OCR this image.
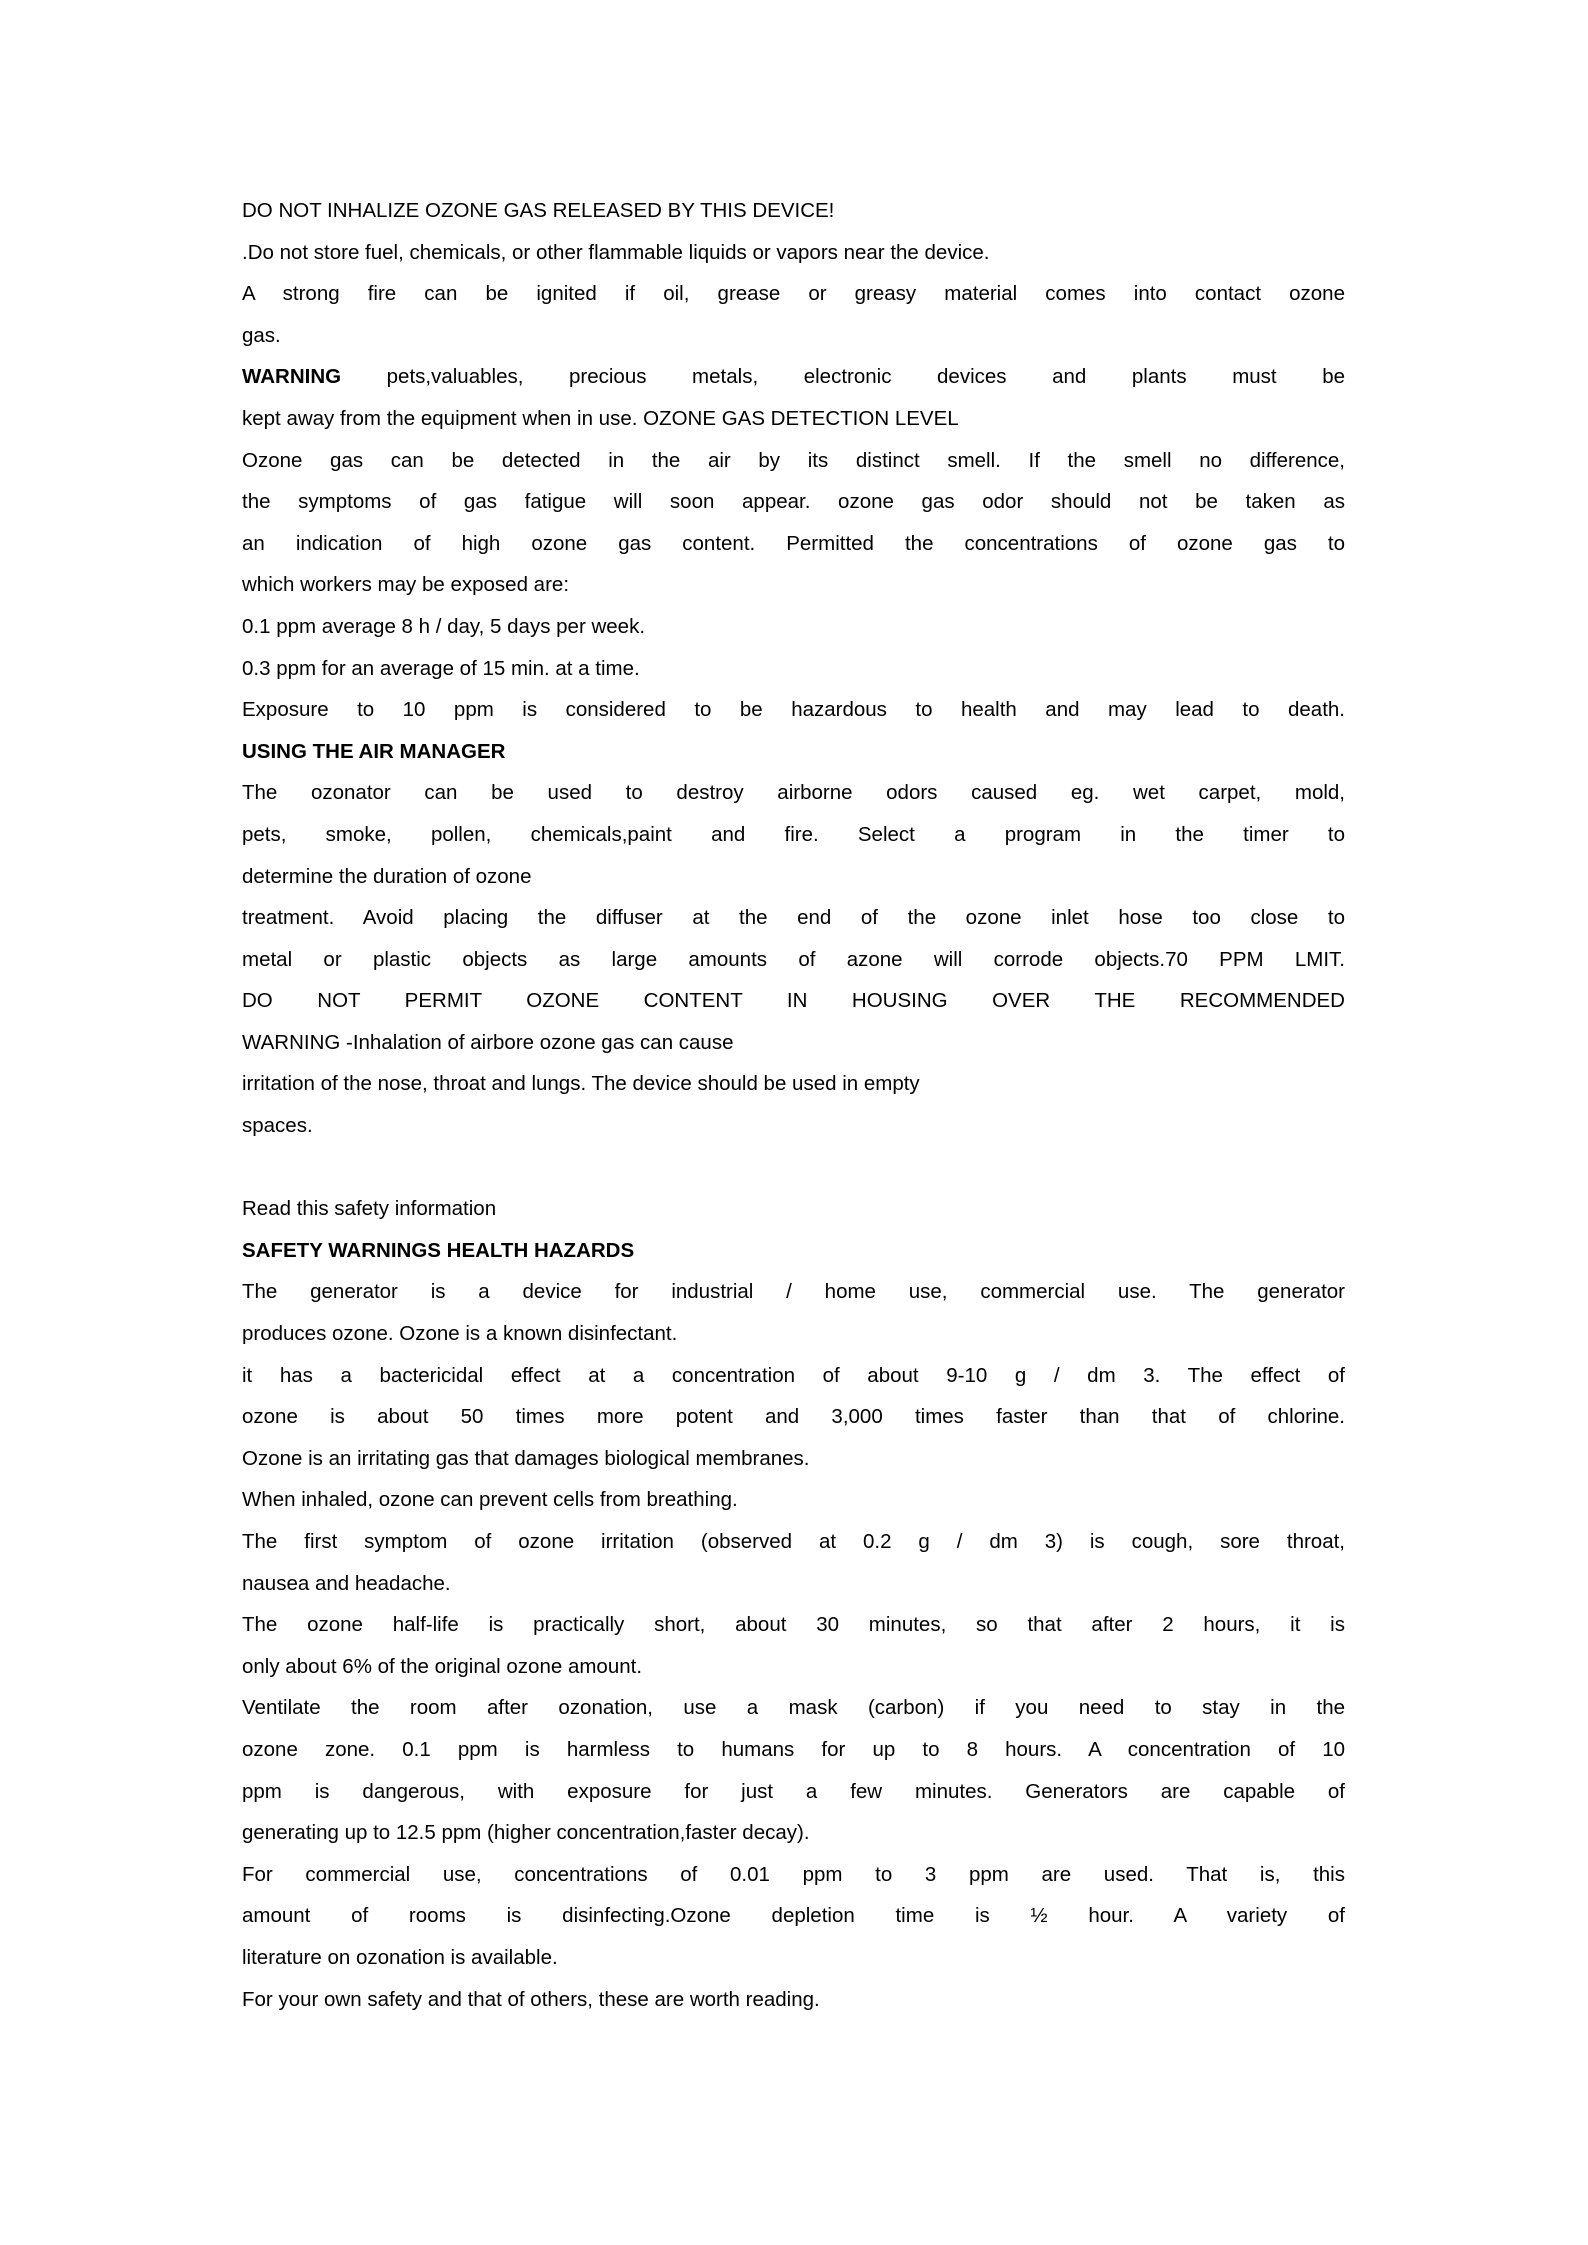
DO NOT INHALIZE OZONE GAS RELEASED BY THIS DEVICE!
.Do not store fuel, chemicals, or other flammable liquids or vapors near the device.
A strong fire can be ignited if oil, grease or greasy material comes into contact ozone
gas.
WARNING pets,valuables, precious metals, electronic devices and plants must be
kept away from the equipment when in use. OZONE GAS DETECTION LEVEL
Ozone gas can be detected in the air by its distinct smell. If the smell no difference,
the symptoms of gas fatigue will soon appear. ozone gas odor should not be taken as
an indication of high ozone gas content. Permitted the concentrations of ozone gas to
which workers may be exposed are:
0.1 ppm average 8 h / day, 5 days per week.
0.3 ppm for an average of 15 min. at a time.
Exposure to 10 ppm is considered to be hazardous to health and may lead to death.
USING THE AIR MANAGER
The ozonator can be used to destroy airborne odors caused eg. wet carpet, mold,
pets, smoke, pollen, chemicals,paint and fire. Select a program in the timer to
determine the duration of ozone
treatment. Avoid placing the diffuser at the end of the ozone inlet hose too close to
metal or plastic objects as large amounts of azone will corrode objects.70 PPM LMIT.
DO NOT PERMIT OZONE CONTENT IN HOUSING OVER THE RECOMMENDED
WARNING -Inhalation of airbore ozone gas can cause
irritation of the nose, throat and lungs. The device should be used in empty
spaces.
Read this safety information
SAFETY WARNINGS HEALTH HAZARDS
The generator is a device for industrial / home use, commercial use. The generator
produces ozone. Ozone is a known disinfectant.
it has a bactericidal effect at a concentration of about 9-10 g / dm 3. The effect of
ozone is about 50 times more potent and 3,000 times faster than that of chlorine.
Ozone is an irritating gas that damages biological membranes.
When inhaled, ozone can prevent cells from breathing.
The first symptom of ozone irritation (observed at 0.2 g / dm 3) is cough, sore throat,
nausea and headache.
The ozone half-life is practically short, about 30 minutes, so that after 2 hours, it is
only about 6% of the original ozone amount.
Ventilate the room after ozonation, use a mask (carbon) if you need to stay in the
ozone zone. 0.1 ppm is harmless to humans for up to 8 hours. A concentration of 10
ppm is dangerous, with exposure for just a few minutes. Generators are capable of
generating up to 12.5 ppm (higher concentration,faster decay).
For commercial use, concentrations of 0.01 ppm to 3 ppm are used. That is, this
amount of rooms is disinfecting.Ozone depletion time is ½ hour. A variety of
literature on ozonation is available.
For your own safety and that of others, these are worth reading.
